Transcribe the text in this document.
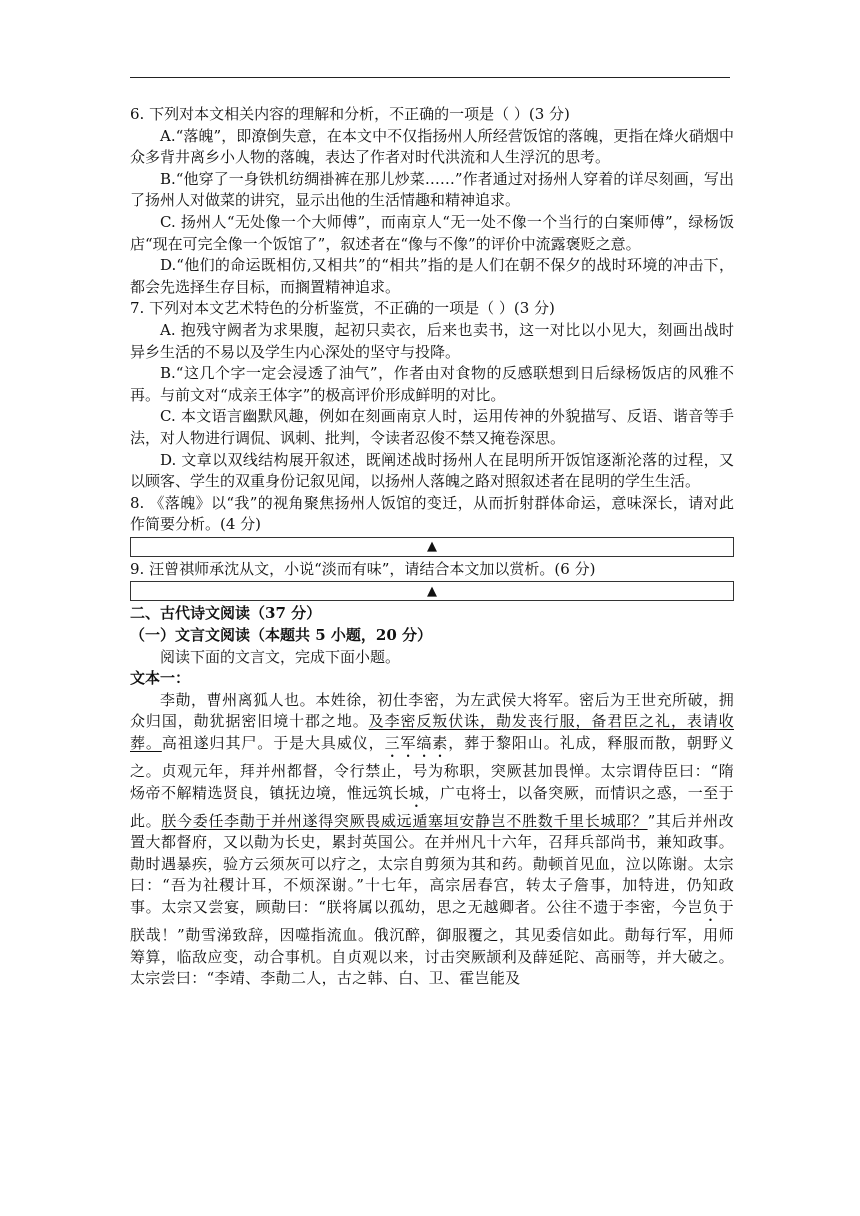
6. 下列对本文相关内容的理解和分析，不正确的一项是（ ）(3 分)

A.“落魄”，即潦倒失意，在本文中不仅指扬州人所经营饭馆的落魄，更指在烽火硝烟中众多背井离乡小人物的落魄，表达了作者对时代洪流和人生浮沉的思考。

B.“他穿了一身铁机纺绸褂裤在那儿炒菜……”作者通过对扬州人穿着的详尽刻画，写出了扬州人对做菜的讲究，显示出他的生活情趣和精神追求。

C. 扬州人“无处像一个大师傅”，而南京人“无一处不像一个当行的白案师傅”，绿杨饭店“现在可完全像一个饭馆了”，叙述者在“像与不像”的评价中流露褒贬之意。

D.“他们的命运既相仿,又相共”的“相共”指的是人们在朝不保夕的战时环境的冲击下，都会先选择生存目标，而搁置精神追求。

7. 下列对本文艺术特色的分析鉴赏，不正确的一项是（ ）(3 分)

A. 抱残守阙者为求果腹，起初只卖衣，后来也卖书，这一对比以小见大，刻画出战时异乡生活的不易以及学生内心深处的坚守与投降。

B.“这几个字一定会浸透了油气”，作者由对食物的反感联想到日后绿杨饭店的风雅不再。与前文对“成亲王体字”的极高评价形成鲜明的对比。

C. 本文语言幽默风趣，例如在刻画南京人时，运用传神的外貌描写、反语、谐音等手法，对人物进行调侃、讽刺、批判，令读者忍俊不禁又掩卷深思。

D. 文章以双线结构展开叙述，既阐述战时扬州人在昆明所开饭馆逐渐沦落的过程，又以顾客、学生的双重身份记叙见闻，以扬州人落魄之路对照叙述者在昆明的学生生活。

8. 《落魄》以“我”的视角聚焦扬州人饭馆的变迁，从而折射群体命运，意味深长，请对此作简要分析。(4 分)

▲

9. 汪曾祺师承沈从文，小说“淡而有味”，请结合本文加以赏析。(6 分)

▲

二、古代诗文阅读（37 分）

（一）文言文阅读（本题共 5 小题，20 分）

阅读下面的文言文，完成下面小题。

文本一：

李勣，曹州离狐人也。本姓徐，初仕李密，为左武侯大将军。密后为王世充所破，拥众归国，勣犹据密旧境十郡之地。及李密反叛伏诛，勣发丧行服，备君臣之礼，表请收葬。高祖遂归其尸。于是大具威仪，三军缟素，葬于黎阳山。礼成，释服而散，朝野义之。贞观元年，拜并州都督，令行禁止，号为称职，突厥甚加畏惮。太宗谓侍臣曰：“隋炀帝不解精选贤良，镇抚边境，惟远筑长城，广屯将士，以备突厥，而情识之惑，一至于此。朕今委任李勣于并州遂得突厥畏威远遁塞垣安静岂不胜数千里长城耶？”其后并州改置大都督府，又以勣为长史，累封英国公。在并州凡十六年，召拜兵部尚书，兼知政事。勣时遇暴疾，验方云须灰可以疗之，太宗自剪须为其和药。勣顿首见血，泣以陈谢。太宗曰：“吾为社稷计耳，不烦深谢。”十七年，高宗居春宫，转太子詹事，加特进，仍知政事。太宗又尝宴，顾勣曰：“朕将属以孤幼，思之无越卿者。公往不遗于李密，今岂负于朕哉！”勣雪涕致辞，因噬指流血。俄沉醉，御服覆之，其见委信如此。勣每行军，用师筹算，临敌应变，动合事机。自贞观以来，讨击突厥颉利及薛延陀、高丽等，并大破之。太宗尝曰：“李靖、李勣二人，古之韩、白、卫、霍岂能及
